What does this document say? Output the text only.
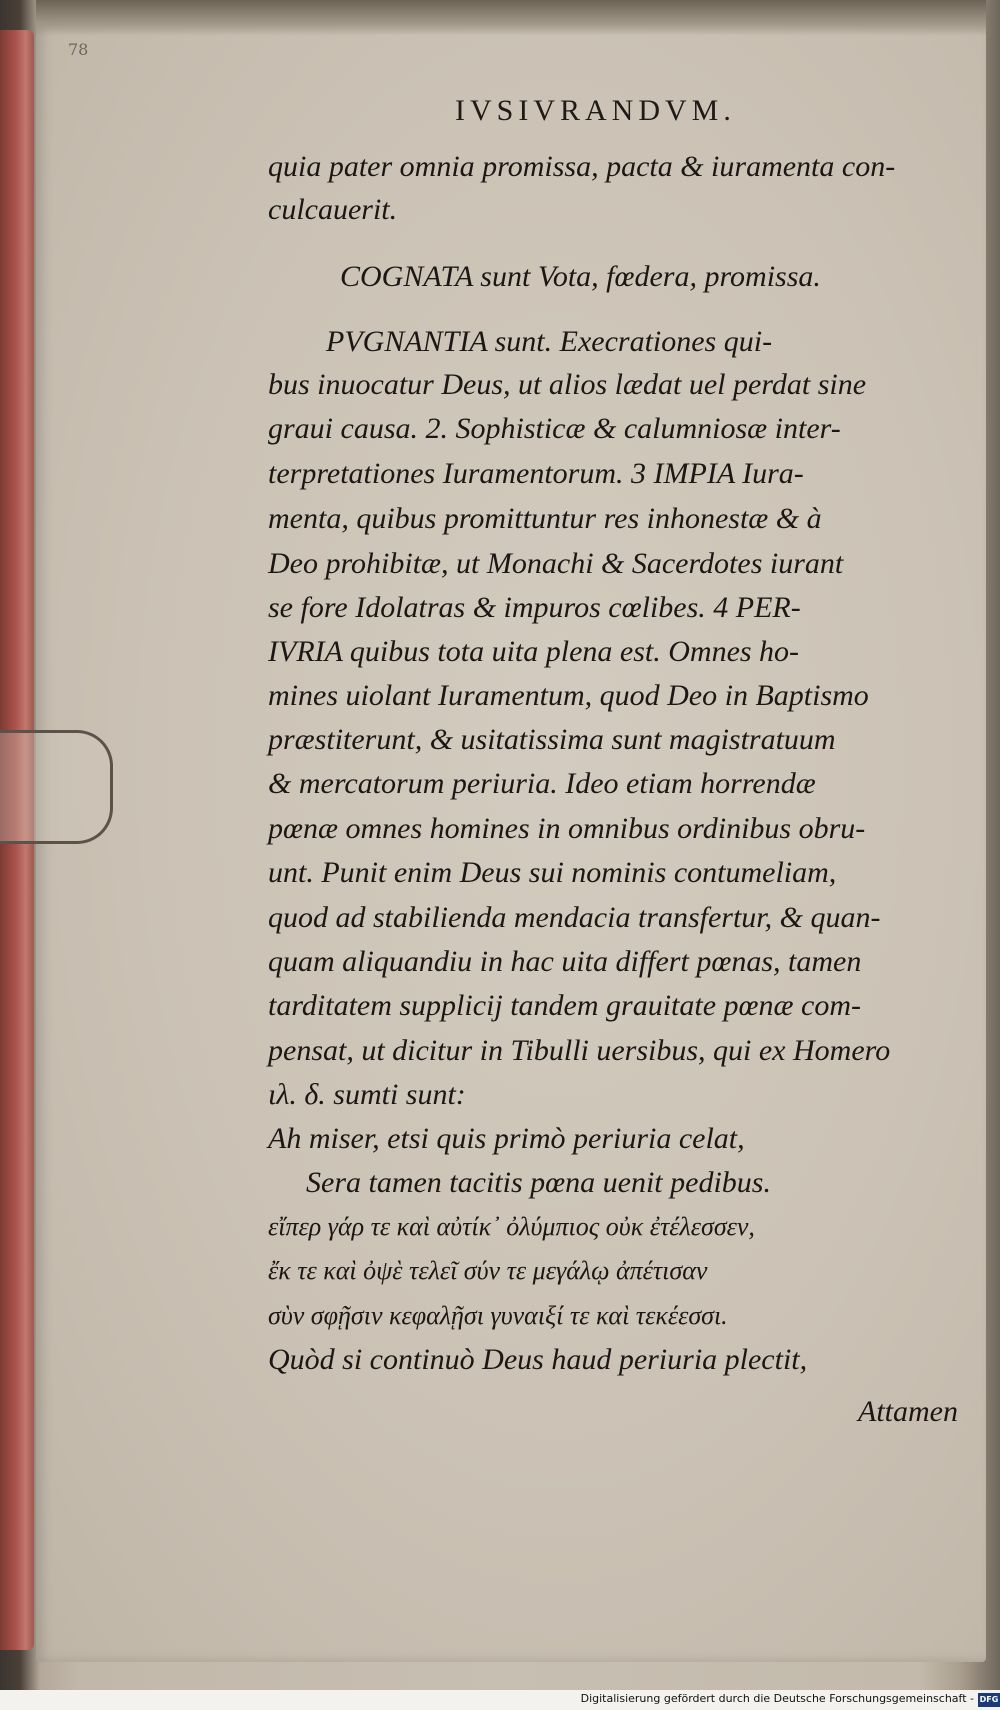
78
IVSIVRANDVM.
quia pater omnia promissa, pacta & iuramenta con-
culcauerit.
COGNATA sunt Vota, fœdera, promissa.
PVGNANTIA sunt. Execrationes qui-
bus inuocatur Deus, ut alios lædat uel perdat sine
graui causa. 2. Sophisticæ & calumniosæ inter-
terpretationes Iuramentorum. 3 IMPIA Iura-
menta, quibus promittuntur res inhonestæ & à
Deo prohibitæ, ut Monachi & Sacerdotes iurant
se fore Idolatras & impuros cœlibes. 4 PER-
IVRIA quibus tota uita plena est. Omnes ho-
mines uiolant Iuramentum, quod Deo in Baptismo
præstiterunt, & usitatissima sunt magistratuum
& mercatorum periuria. Ideo etiam horrendæ
pœnæ omnes homines in omnibus ordinibus obru-
unt. Punit enim Deus sui nominis contumeliam,
quod ad stabilienda mendacia transfertur, & quan-
quam aliquandiu in hac uita differt pœnas, tamen
tarditatem supplicij tandem grauitate pœnæ com-
pensat, ut dicitur in Tibulli uersibus, qui ex Homero
ιλ. δ. sumti sunt:
Ah miser, etsi quis primò periuria celat,
Sera tamen tacitis pœna uenit pedibus.
εἴπερ γάρ τε καὶ αὐτίκ᾽ ὀλύμπιος οὐκ ἐτέλεσσεν,
ἔκ τε καὶ ὀψὲ τελεῖ σύν τε μεγάλῳ ἀπέτισαν
σὺν σφῇσιν κεφαλῇσι γυναιξί τε καὶ τεκέεσσι.
Quòd si continuò Deus haud periuria plectit,
Attamen
Digitalisierung gefördert durch die Deutsche Forschungsgemeinschaft - DFG
